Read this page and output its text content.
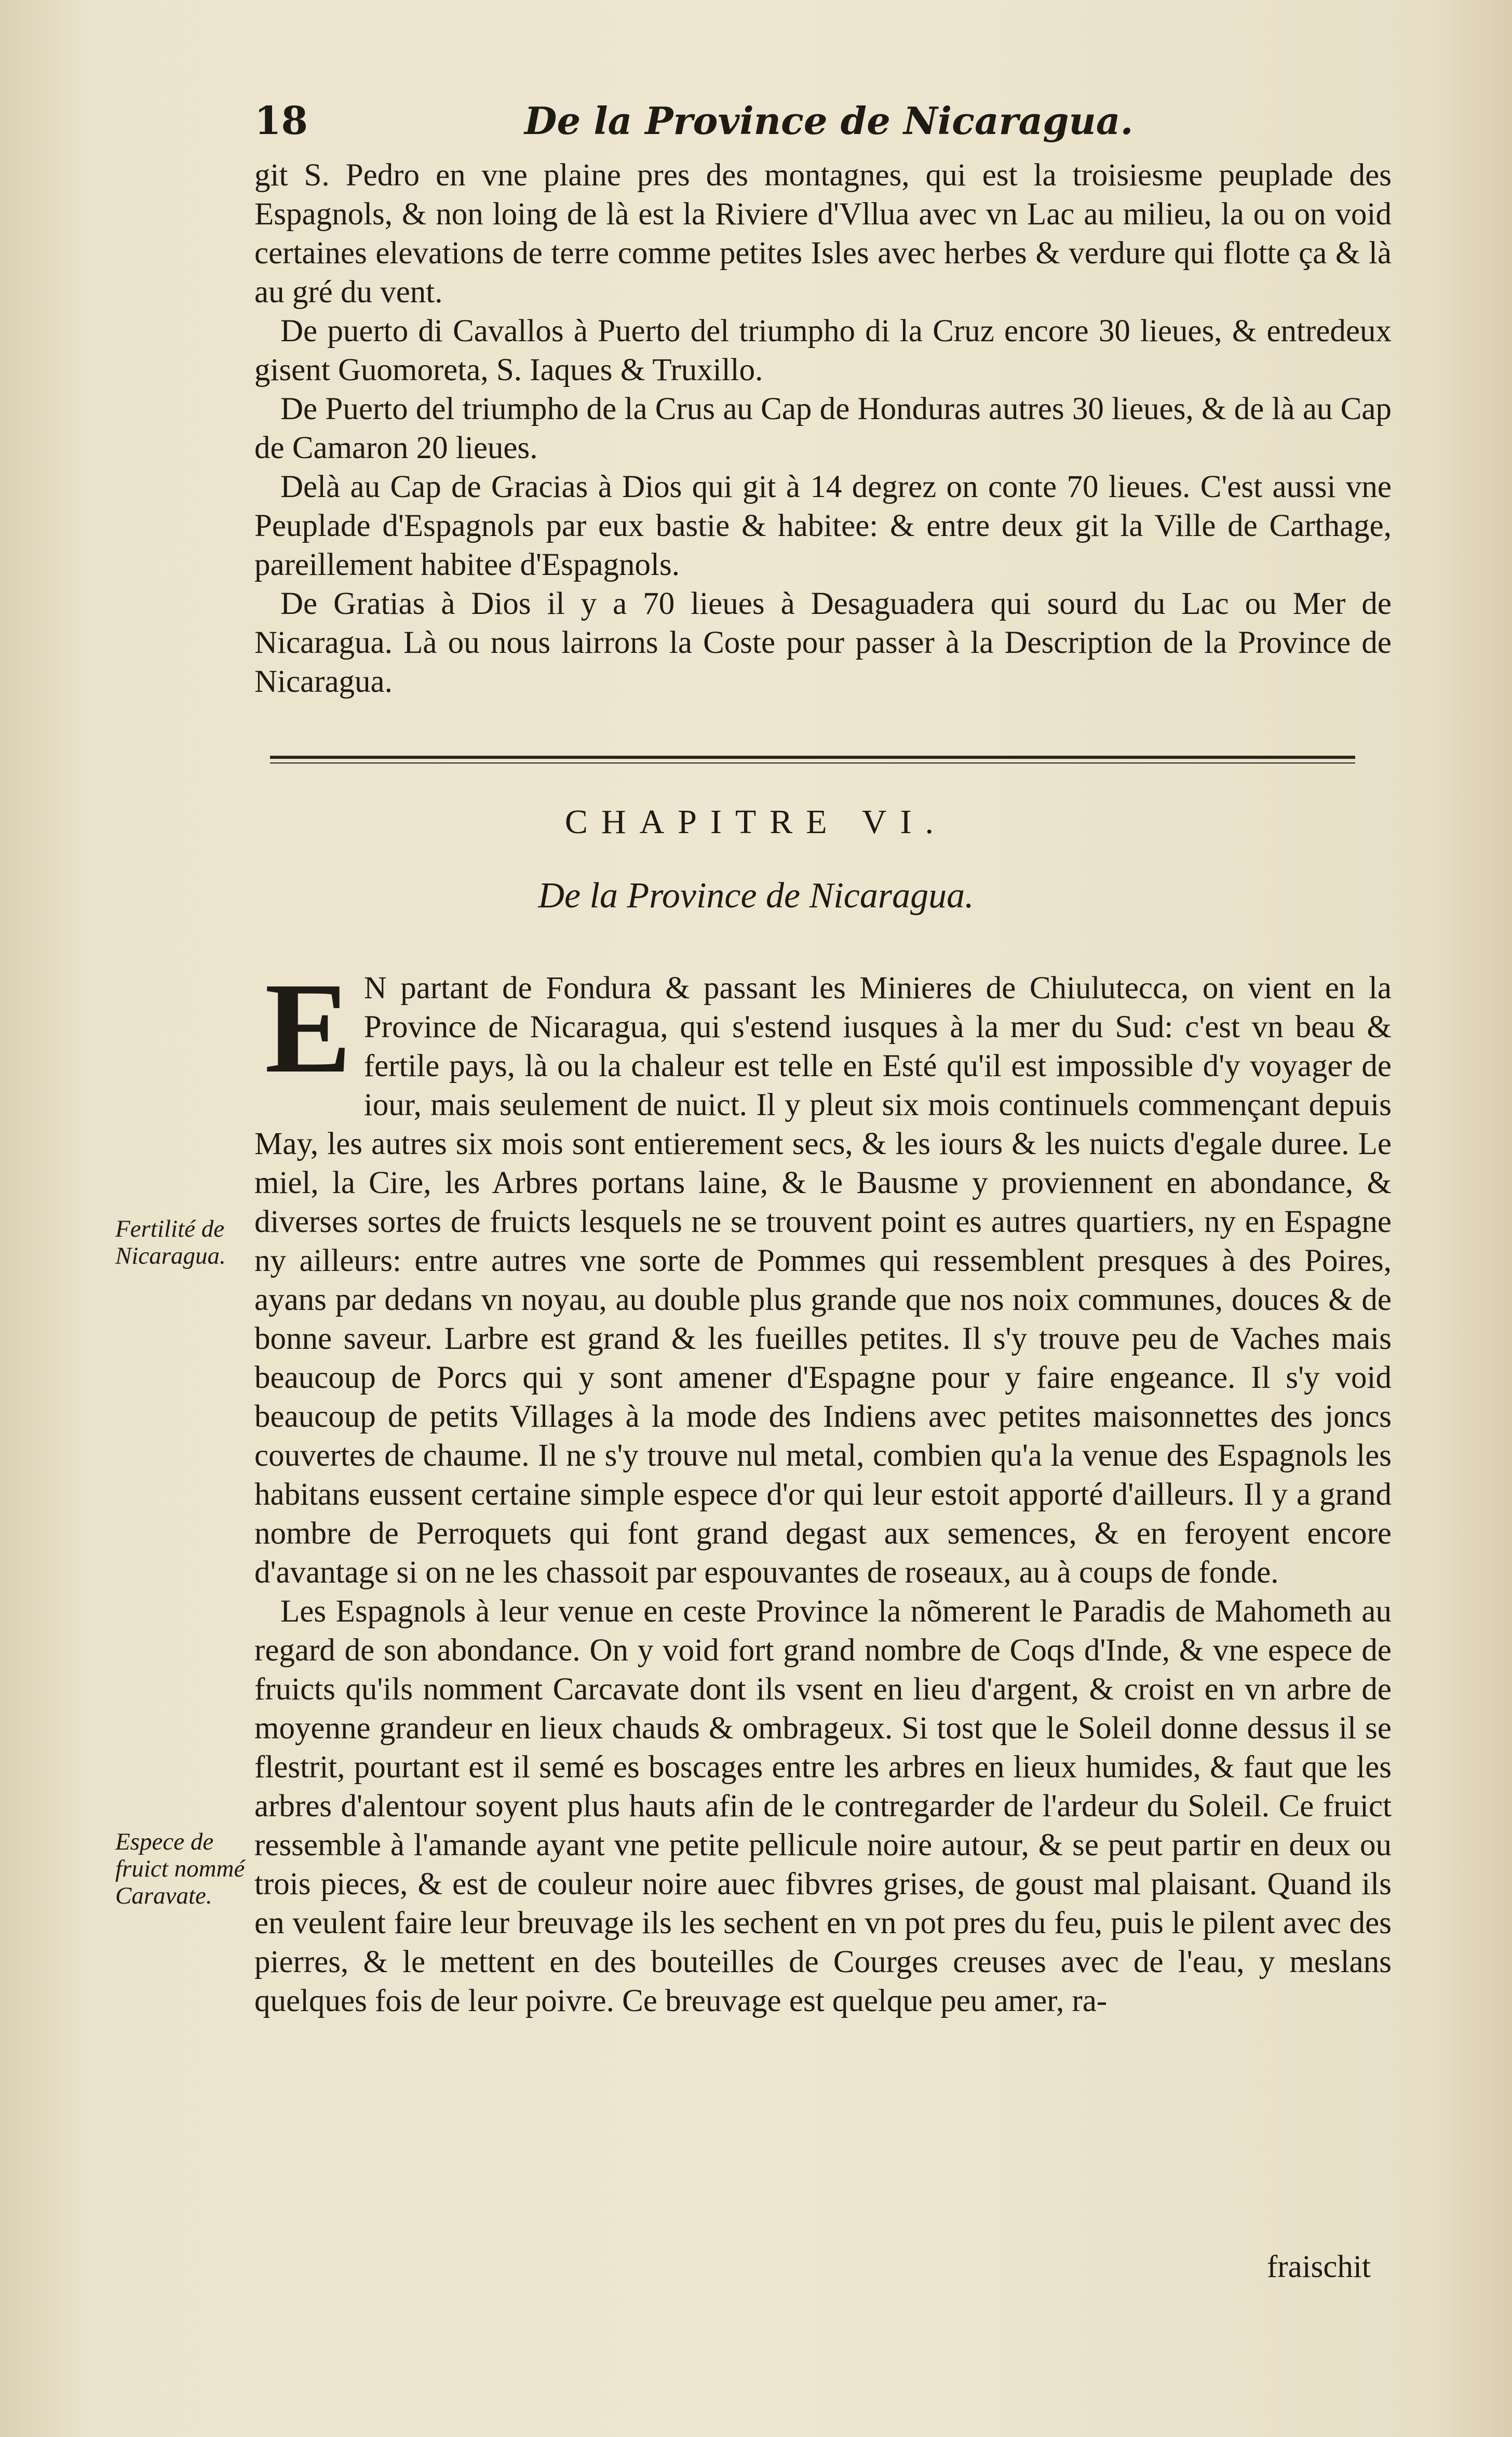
18	De la Province de Nicaragua.

git S. Pedro en vne plaine pres des montagnes, qui est la troisiesme peuplade des Espagnols, & non loing de là est la Riviere d'Vllua avec vn Lac au milieu, la ou on void certaines elevations de terre comme petites Isles avec herbes & verdure qui flotte ça & là au gré du vent.

De puerto di Cavallos à Puerto del triumpho di la Cruz encore 30 lieues, & entredeux gisent Guomoreta, S. Iaques & Truxillo.

De Puerto del triumpho de la Crus au Cap de Honduras autres 30 lieues, & de là au Cap de Camaron 20 lieues.

Delà au Cap de Gracias à Dios qui git à 14 degrez on conte 70 lieues. C'est aussi vne Peuplade d'Espagnols par eux bastie & habitee: & entre deux git la Ville de Carthage, pareillement habitee d'Espagnols.

De Gratias à Dios il y a 70 lieues à Desaguadera qui sourd du Lac ou Mer de Nicaragua. Là ou nous lairrons la Coste pour passer à la Description de la Province de Nicaragua.

CHAPITRE VI.
De la Province de Nicaragua.

E N partant de Fondura & passant les Minieres de Chiulutecca, on vient en la Province de Nicaragua, qui s'estend iusques à la mer du Sud: c'est vn beau & fertile pays, là ou la chaleur est telle en Esté qu'il est impossible d'y voyager de iour, mais seulement de nuict. Il y pleut six mois continuels commençant depuis May, les autres six mois sont entierement secs, & les iours & les nuicts d'egale duree. Le miel, la Cire, les Arbres portans laine, & le Bausme y proviennent en abondance, & diverses sortes de fruicts lesquels ne se trouvent point es autres quartiers, ny en Espagne ny ailleurs: entre autres vne sorte de Pommes qui ressemblent presques à des Poires, ayans par dedans vn noyau, au double plus grande que nos noix communes, douces & de bonne saveur. Larbre est grand & les fueilles petites. Il s'y trouve peu de Vaches mais beaucoup de Porcs qui y sont amener d'Espagne pour y faire engeance. Il s'y void beaucoup de petits Villages à la mode des Indiens avec petites maisonnettes des joncs couvertes de chaume. Il ne s'y trouve nul metal, combien qu'a la venue des Espagnols les habitans eussent certaine simple espece d'or qui leur estoit apporté d'ailleurs. Il y a grand nombre de Perroquets qui font grand degast aux semences, & en feroyent encore d'avantage si on ne les chassoit par espouvantes de roseaux, au à coups de fonde.

Les Espagnols à leur venue en ceste Province la nõmerent le Paradis de Mahometh au regard de son abondance. On y void fort grand nombre de Coqs d'Inde, & vne espece de fruicts qu'ils nomment Carcavate dont ils vsent en lieu d'argent, & croist en vn arbre de moyenne grandeur en lieux chauds & ombrageux. Si tost que le Soleil donne dessus il se flestrit, pourtant est il semé es boscages entre les arbres en lieux humides, & faut que les arbres d'alentour soyent plus hauts afin de le contregarder de l'ardeur du Soleil. Ce fruict ressemble à l'amande ayant vne petite pellicule noire autour, & se peut partir en deux ou trois pieces, & est de couleur noire auec fibvres grises, de goust mal plaisant. Quand ils en veulent faire leur breuvage ils les sechent en vn pot pres du feu, puis le pilent avec des pierres, & le mettent en des bouteilles de Courges creuses avec de l'eau, y meslans quelques fois de leur poivre. Ce breuvage est quelque peu amer, ra-

fraischit
Fertilité de Nicaragua.
Espece de fruict nommé Caravate.
